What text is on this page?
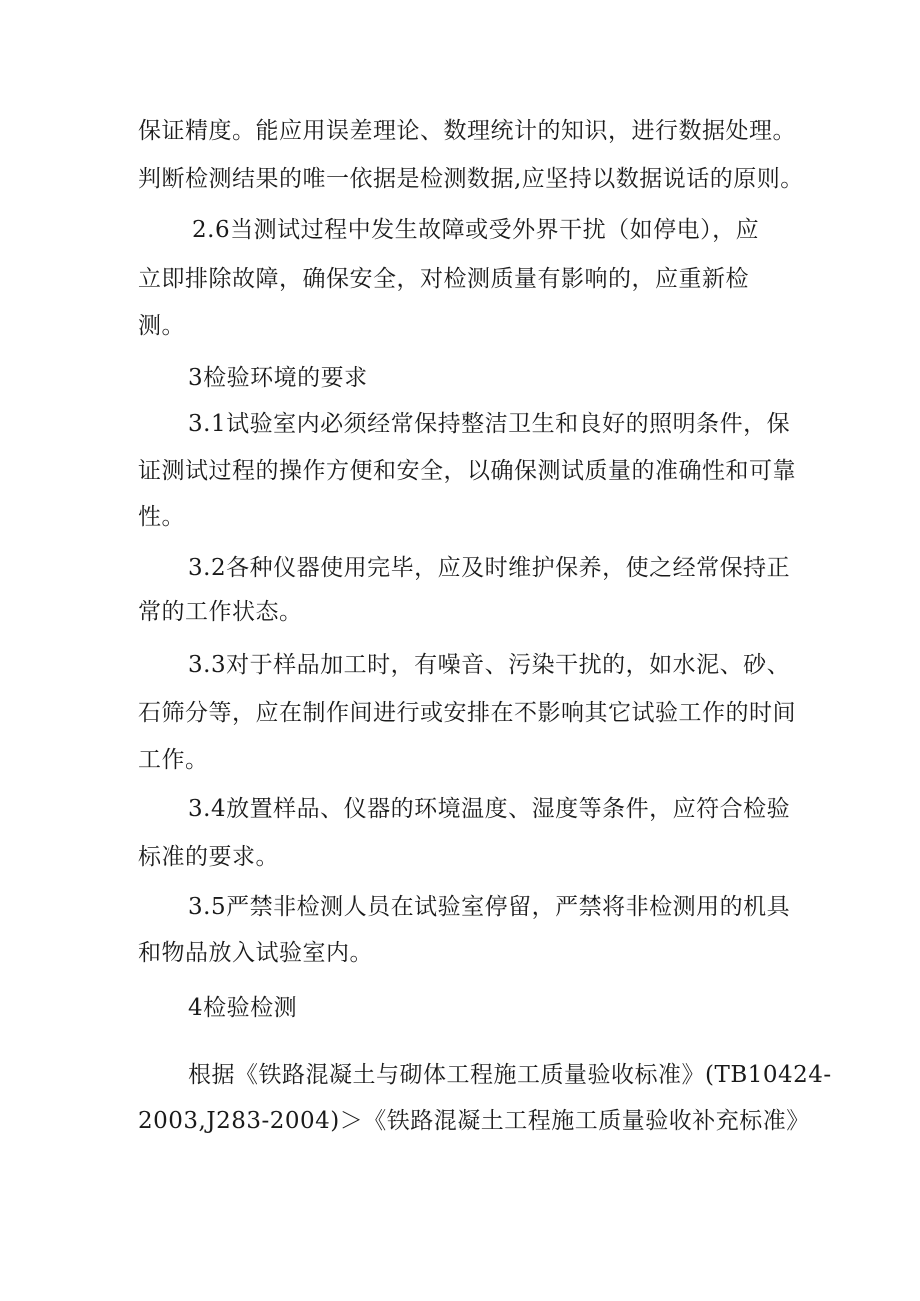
保证精度。能应用误差理论、数理统计的知识，进行数据处理。
判断检测结果的唯一依据是检测数据,应坚持以数据说话的原则。
2.6当测试过程中发生故障或受外界干扰（如停电），应
立即排除故障，确保安全，对检测质量有影响的，应重新检
测。
3检验环境的要求
3.1试验室内必须经常保持整洁卫生和良好的照明条件，保
证测试过程的操作方便和安全，以确保测试质量的准确性和可靠
性。
3.2各种仪器使用完毕，应及时维护保养，使之经常保持正
常的工作状态。
3.3对于样品加工时，有噪音、污染干扰的，如水泥、砂、
石筛分等，应在制作间进行或安排在不影响其它试验工作的时间
工作。
3.4放置样品、仪器的环境温度、湿度等条件，应符合检验
标准的要求。
3.5严禁非检测人员在试验室停留，严禁将非检测用的机具
和物品放入试验室内。
4检验检测
根据《铁路混凝土与砌体工程施工质量验收标准》(TB10424-
2003,J283-2004)＞《铁路混凝土工程施工质量验收补充标准》
